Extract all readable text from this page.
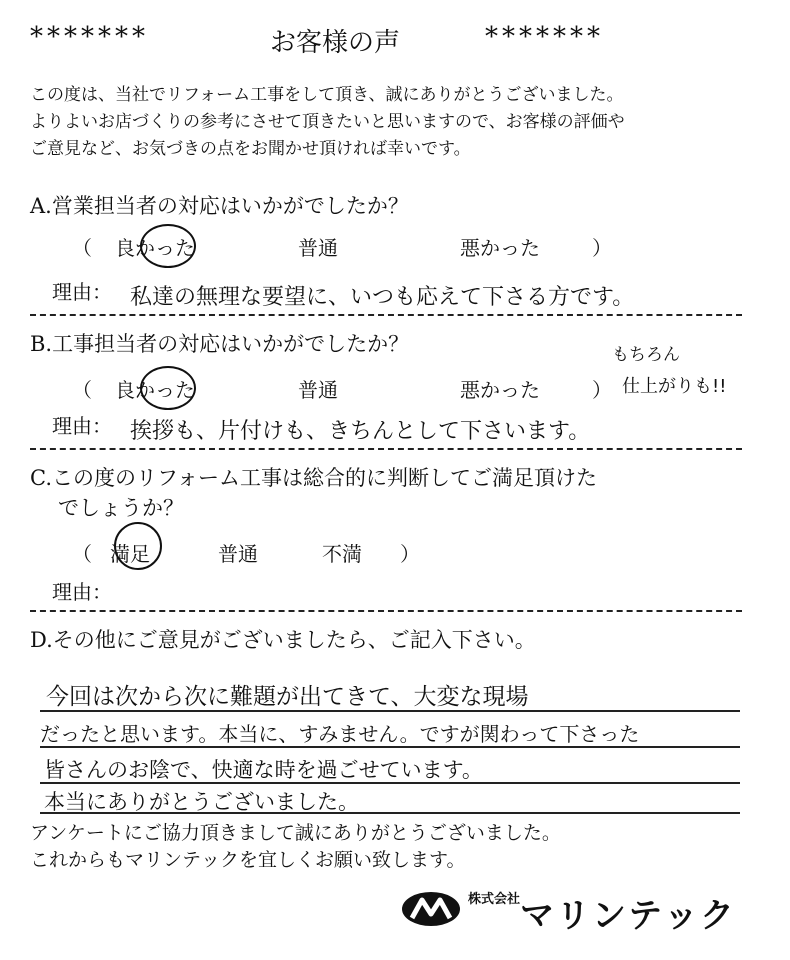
*******	お客様の声	*******
この度は、当社でリフォーム工事をして頂き、誠にありがとうございました。
よりよいお店づくりの参考にさせて頂きたいと思いますので、お客様の評価や
ご意見など、お気づきの点をお聞かせ頂ければ幸いです。
A.営業担当者の対応はいかがでしたか？
（ 良かった	普通	悪かった	）
理由： 私達の無理な要望に、いつも応えて下さる方です。
B.工事担当者の対応はいかがでしたか？	もちろん
（ 良かった	普通	悪かった	） 仕上がりも!!
理由： 挨拶も、片付けも、きちんとして下さいます。
C.この度のリフォーム工事は総合的に判断してご満足頂けた
でしょうか？
（ 満足	普通	不満 ）
理由：
D.その他にご意見がございましたら、ご記入下さい。
今回は次から次に難題が出てきて、大変な現場
だったと思います。本当に、すみません。ですが関わって下さった
皆さんのお陰で、快適な時を過ごせています。
本当にありがとうございました。
アンケートにご協力頂きまして誠にありがとうございました。
これからもマリンテックを宜しくお願い致します。
株式会社 マリンテック
